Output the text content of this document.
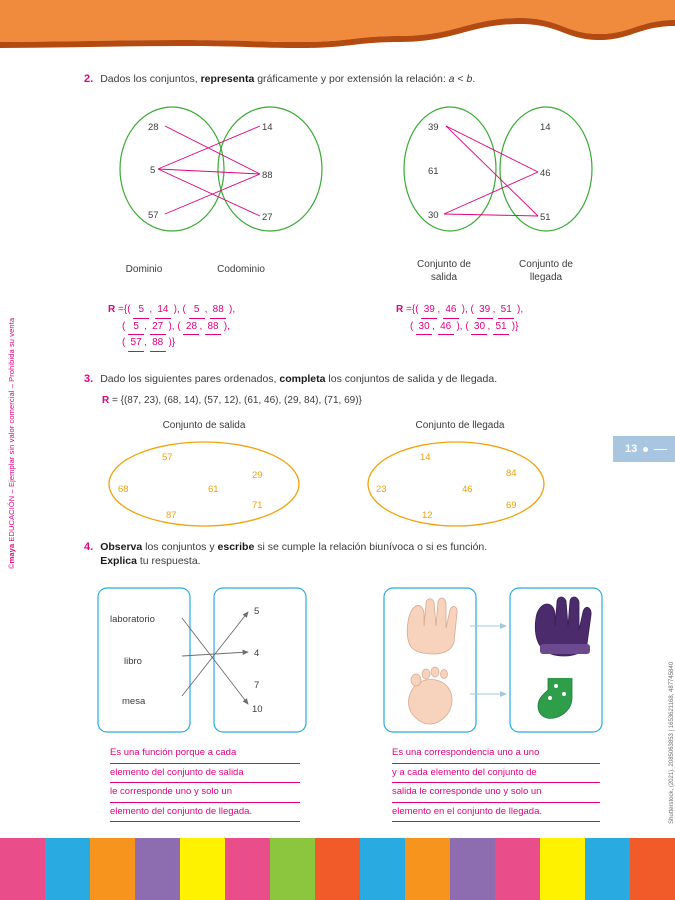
©maya EDUCACIÓN – Ejemplar sin valor comercial – Prohibida su venta
Shutterstock, (2021). 2085063853 | 1653621168, 487745840
13
2. Dados los conjuntos, representa gráficamente y por extensión la relación: a < b.
28
5
57
14
88
27
Dominio	Codominio
39
61
30
14
46
51
Conjunto de
salida
Conjunto de
llegada
R ={( 5, 14 ), ( 5, 88 ),
( 5, 27 ), ( 28, 88 ),
( 57, 88 )}
R ={( 39, 46 ), ( 39, 51 ),
( 30, 46 ), ( 30, 51 )}
3. Dado los siguientes pares ordenados, completa los conjuntos de salida y de llegada.
R = {(87, 23), (68, 14), (57, 12), (61, 46), (29, 84), (71, 69)}
Conjunto de salida	Conjunto de llegada
57
29
68	61
71
87
14
84
23	46
69
12
4. Observa los conjuntos y escribe si se cumple la relación biunívoca o si es función.
Explica tu respuesta.
laboratorio
libro
mesa
5
4
7
10
Es una función porque a cada
elemento del conjunto de salida
le corresponde uno y solo un
elemento del conjunto de llegada.
Es una correspondencia uno a uno
y a cada elemento del conjunto de
salida le corresponde uno y solo un
elemento en el conjunto de llegada.
